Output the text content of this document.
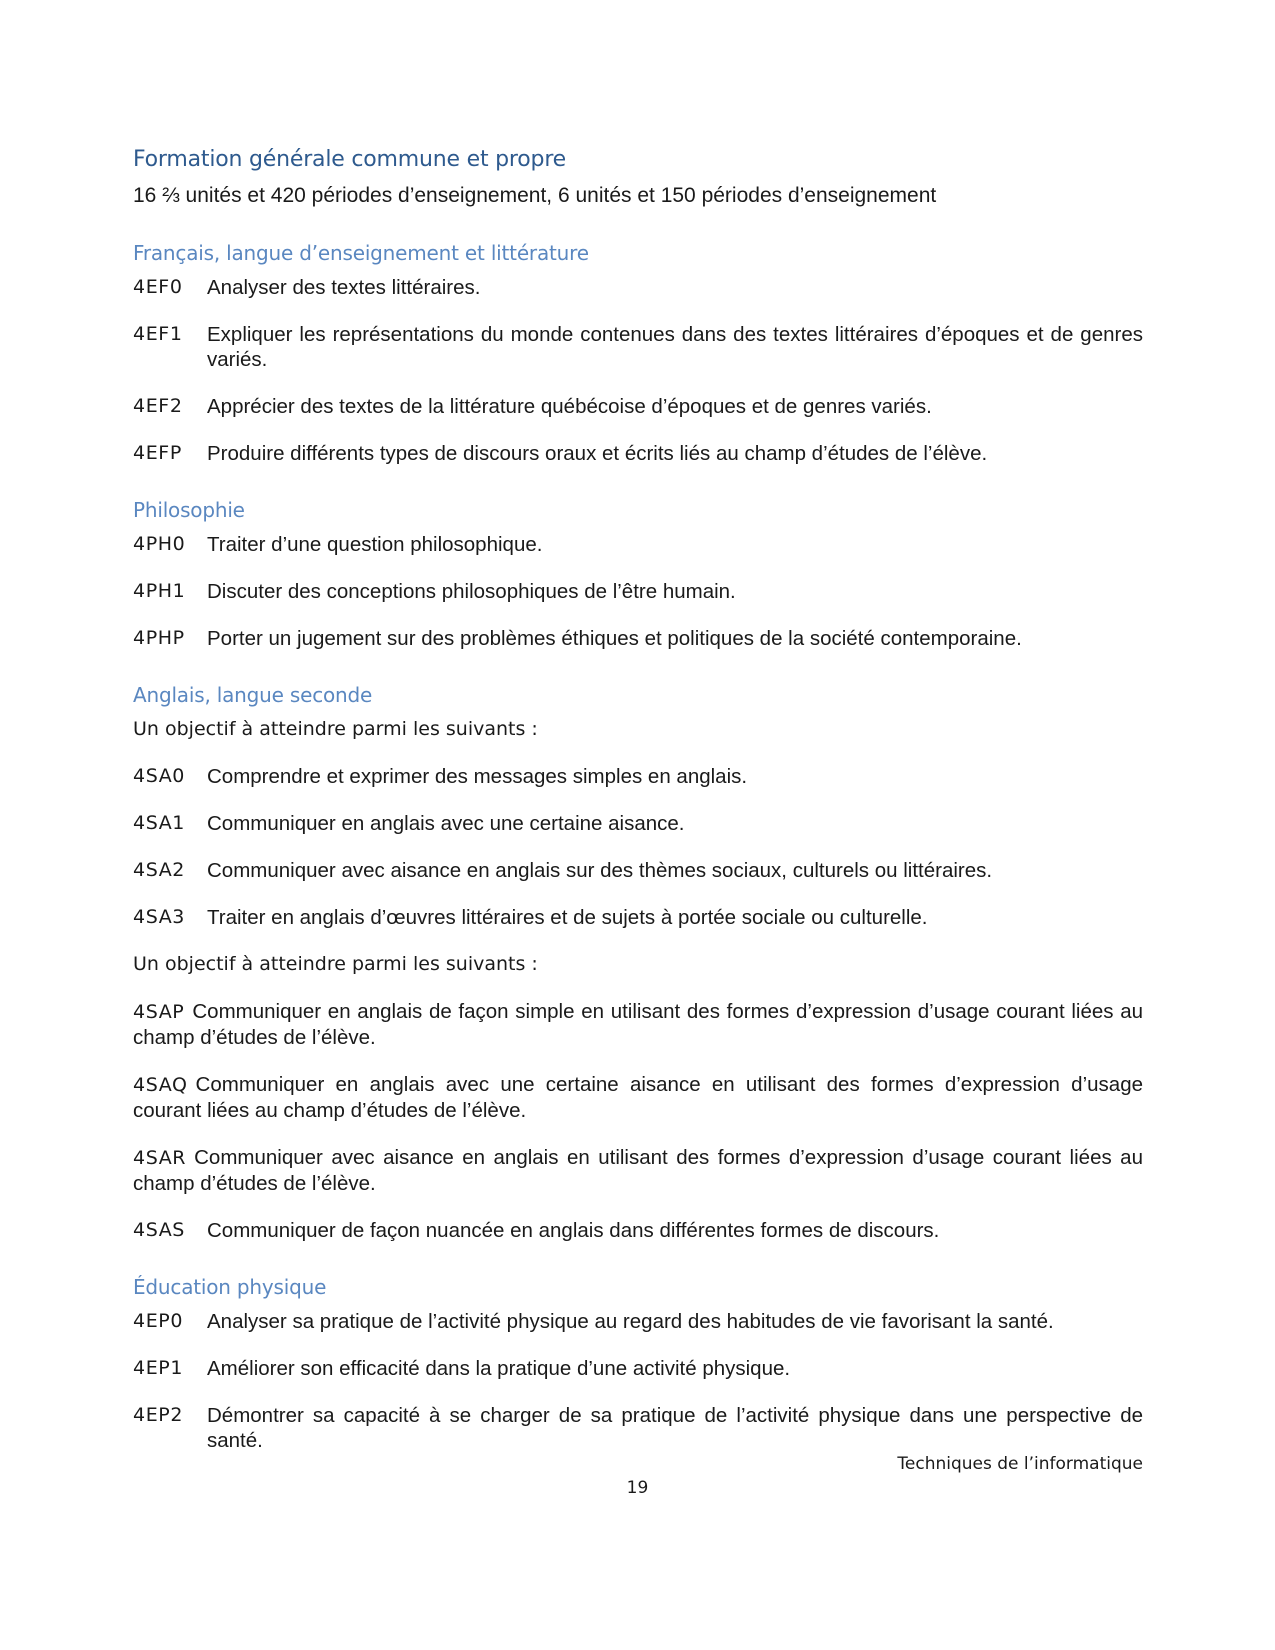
Formation générale commune et propre

16 ⅔ unités et 420 périodes d’enseignement, 6 unités et 150 périodes d’enseignement

Français, langue d’enseignement et littérature
4EF0	Analyser des textes littéraires.
4EF1	Expliquer les représentations du monde contenues dans des textes littéraires d’époques et de genres variés.
4EF2	Apprécier des textes de la littérature québécoise d’époques et de genres variés.
4EFP	Produire différents types de discours oraux et écrits liés au champ d’études de l’élève.
Philosophie
4PH0	Traiter d’une question philosophique.
4PH1	Discuter des conceptions philosophiques de l’être humain.
4PHP	Porter un jugement sur des problèmes éthiques et politiques de la société contemporaine.
Anglais, langue seconde

Un objectif à atteindre parmi les suivants :

4SA0	Comprendre et exprimer des messages simples en anglais.
4SA1	Communiquer en anglais avec une certaine aisance.
4SA2	Communiquer avec aisance en anglais sur des thèmes sociaux, culturels ou littéraires.
4SA3	Traiter en anglais d’œuvres littéraires et de sujets à portée sociale ou culturelle.

Un objectif à atteindre parmi les suivants :

4SAP Communiquer en anglais de façon simple en utilisant des formes d’expression d’usage courant liées au champ d’études de l’élève.
4SAQ Communiquer en anglais avec une certaine aisance en utilisant des formes d’expression d’usage courant liées au champ d’études de l’élève.
4SAR Communiquer avec aisance en anglais en utilisant des formes d’expression d’usage courant liées au champ d’études de l’élève.
4SAS	Communiquer de façon nuancée en anglais dans différentes formes de discours.
Éducation physique
4EP0	Analyser sa pratique de l’activité physique au regard des habitudes de vie favorisant la santé.
4EP1	Améliorer son efficacité dans la pratique d’une activité physique.
4EP2	Démontrer sa capacité à se charger de sa pratique de l’activité physique dans une perspective de santé.
Techniques de l’informatique
19
